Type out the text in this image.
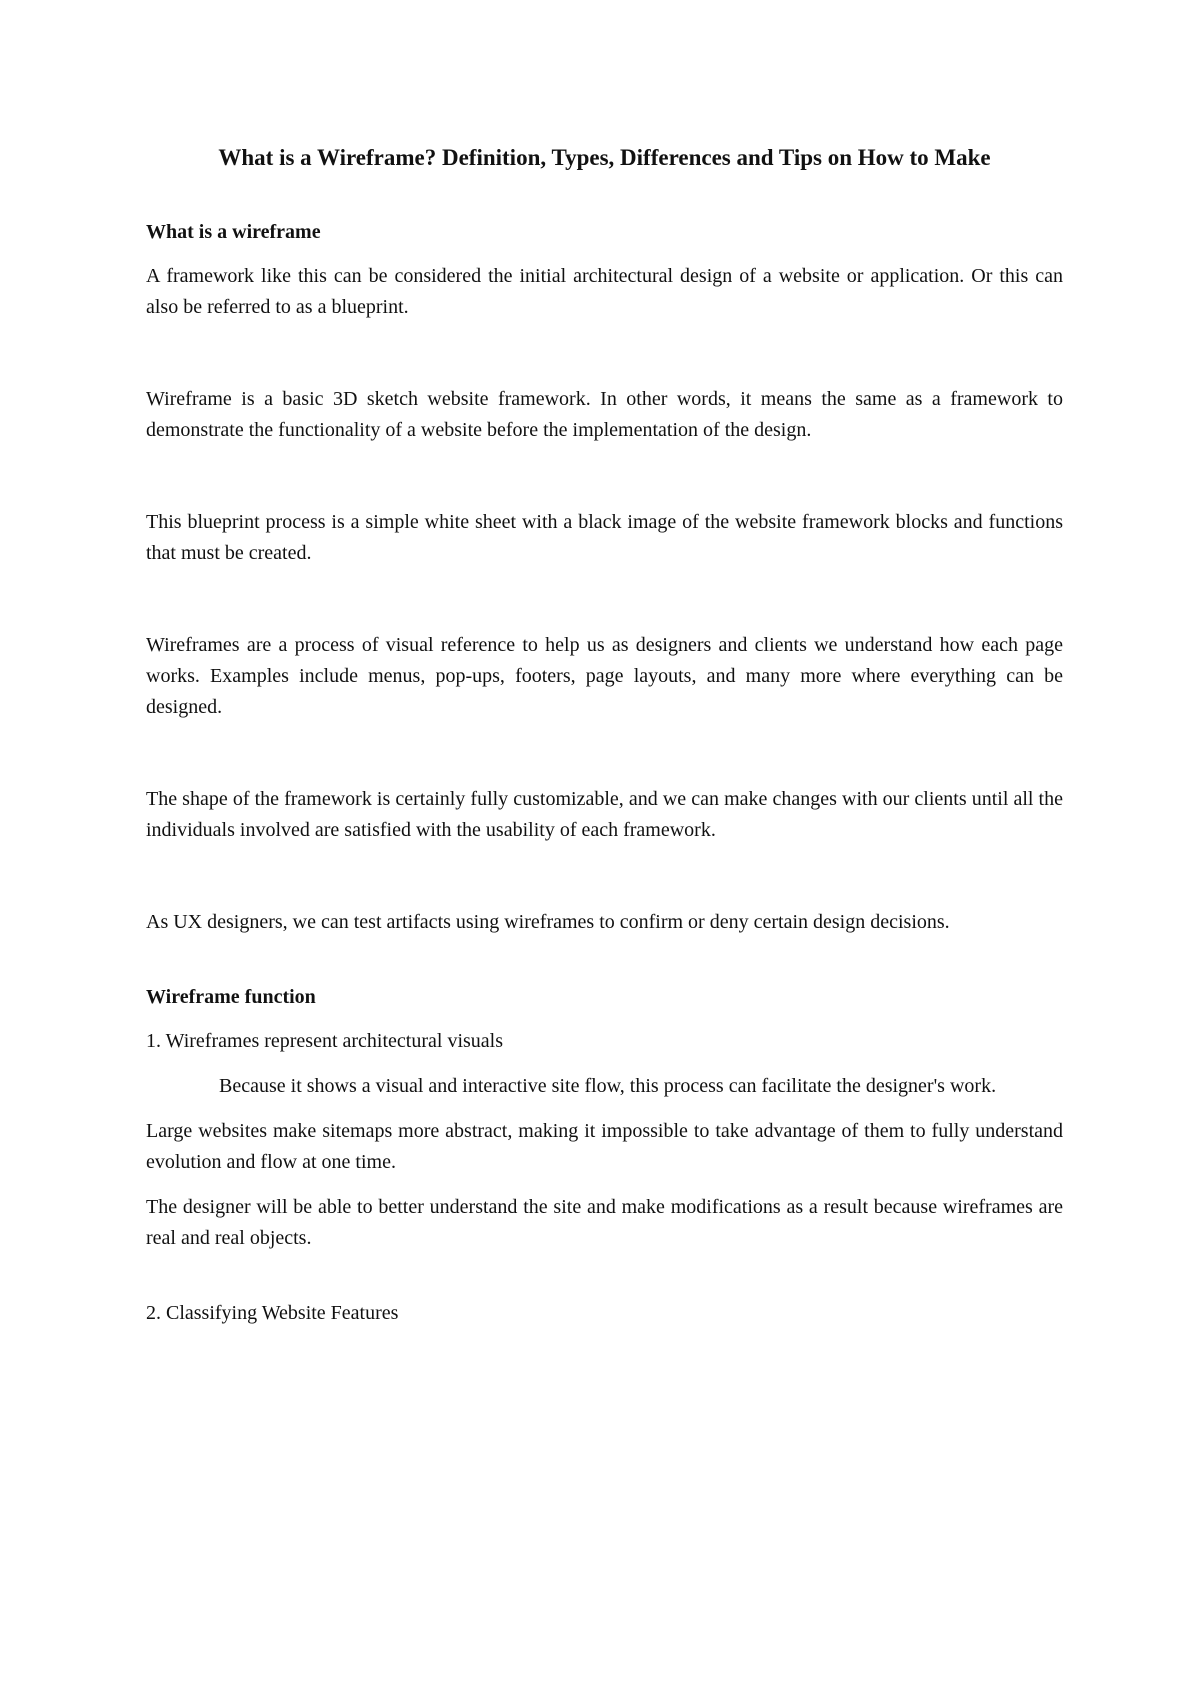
What is a Wireframe? Definition, Types, Differences and Tips on How to Make
What is a wireframe

A framework like this can be considered the initial architectural design of a website or application. Or this can also be referred to as a blueprint.

Wireframe is a basic 3D sketch website framework. In other words, it means the same as a framework to demonstrate the functionality of a website before the implementation of the design.

This blueprint process is a simple white sheet with a black image of the website framework blocks and functions that must be created.

Wireframes are a process of visual reference to help us as designers and clients we understand how each page works. Examples include menus, pop-ups, footers, page layouts, and many more where everything can be designed.

The shape of the framework is certainly fully customizable, and we can make changes with our clients until all the individuals involved are satisfied with the usability of each framework.

As UX designers, we can test artifacts using wireframes to confirm or deny certain design decisions.

Wireframe function

1. Wireframes represent architectural visuals

Because it shows a visual and interactive site flow, this process can facilitate the designer's work.

Large websites make sitemaps more abstract, making it impossible to take advantage of them to fully understand evolution and flow at one time.

The designer will be able to better understand the site and make modifications as a result because wireframes are real and real objects.

2. Classifying Website Features
